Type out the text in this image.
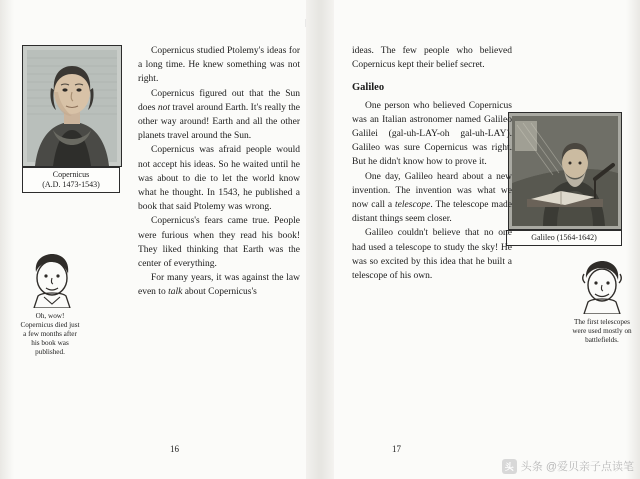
|
Copernicus
(A.D. 1473-1543)
Oh, wow! Copernicus died just a few months after his book was published.

Copernicus studied Ptolemy's ideas for a long time. He knew something was not right.

Copernicus figured out that the Sun does not travel around Earth. It's really the other way around! Earth and all the other planets travel around the Sun.

Copernicus was afraid people would not accept his ideas. So he waited until he was about to die to let the world know what he thought. In 1543, he published a book that said Ptolemy was wrong.

Copernicus's fears came true. People were furious when they read his book! They liked thinking that Earth was the center of everything.

For many years, it was against the law even to talk about Copernicus's

16
Galileo (1564-1642)
The first telescopes were used mostly on battlefields.

ideas. The few people who believed Copernicus kept their belief secret.

Galileo

One person who believed Copernicus was an Italian astronomer named Galileo Galilei (gal-uh-LAY-oh gal-uh-LAY). Galileo was sure Copernicus was right. But he didn't know how to prove it.

One day, Galileo heard about a new invention. The invention was what we now call a telescope. The telescope made distant things seem closer.

Galileo couldn't believe that no one had used a telescope to study the sky! He was so excited by this idea that he built a telescope of his own.

17
头 头条 @爱贝亲子点读笔
